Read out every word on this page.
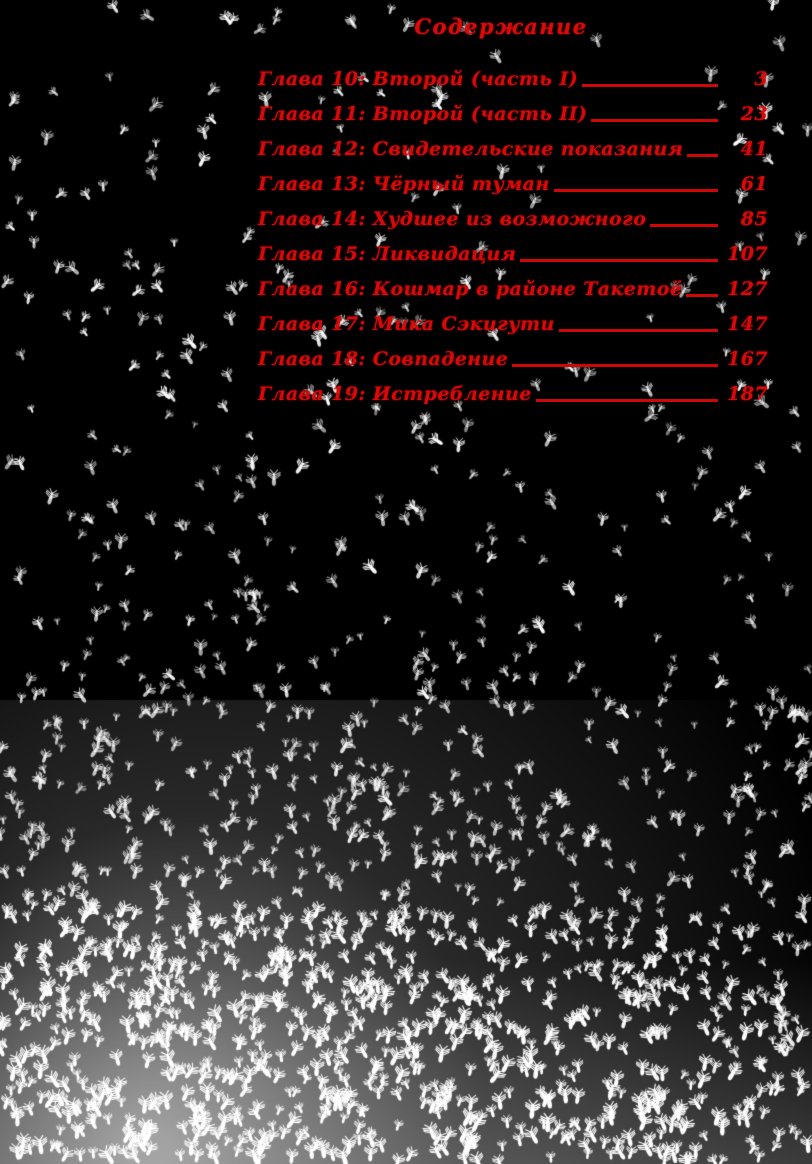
Содержание
Глава 10: Второй (часть I)	3
Глава 11: Второй (часть II)	23
Глава 12: Свидетельские показания	41
Глава 13: Чёрный туман	61
Глава 14: Худшее из возможного	85
Глава 15: Ликвидация	107
Глава 16: Кошмар в районе Такетоё 127
Глава 17: Мика Сэкигути	147
Глава 18: Совпадение	167
Глава 19: Истребление	187
